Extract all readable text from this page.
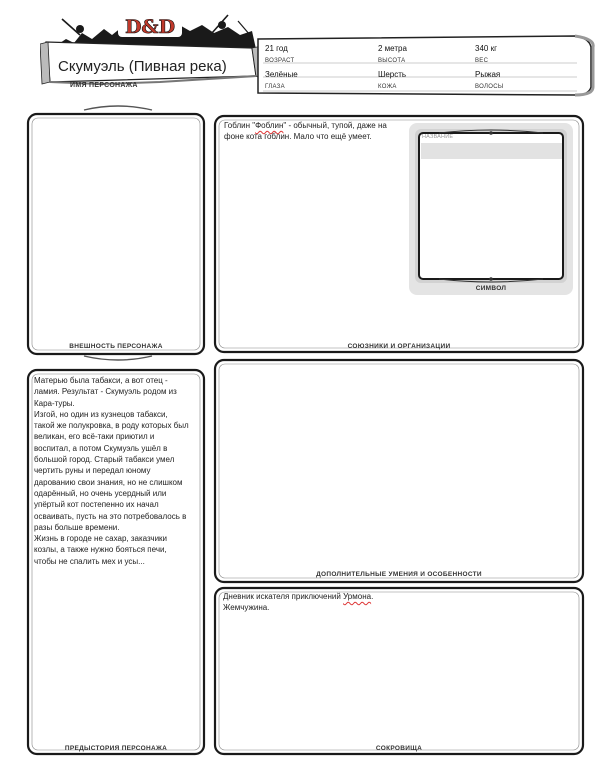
D&D
Скумуэль (Пивная река)
ИМЯ ПЕРСОНАЖА
21 год
ВОЗРАСТ
2 метра
ВЫСОТА
340 кг
ВЕС
Зелёные
ГЛАЗА
Шерсть
КОЖА
Рыжая
ВОЛОСЫ
ВНЕШНОСТЬ ПЕРСОНАЖА
Гоблин "Фоблин" - обычный, тупой, даже на фоне кота гоблин. Мало что ещё умеет.	НАЗВАНИЕ
СИМВОЛ
СОЮЗНИКИ И ОРГАНИЗАЦИИ
Матерью была табакси, а вот отец -
ламия. Результат - Скумуэль родом из
Кара-туры.
Изгой, но один из кузнецов табакси,
такой же полукровка, в роду которых был
великан, его всё-таки приютил и
воспитал, а потом Скумуэль ушёл в
большой город. Старый табакси умел
чертить руны и передал юному
дарованию свои знания, но не слишком
одарённый, но очень усердный или
упёртый кот постепенно их начал
осваивать, пусть на это потребовалось в
разы больше времени.
Жизнь в городе не сахар, заказчики
козлы, а также нужно бояться печи,
чтобы не спалить мех и усы...
ПРЕДЫСТОРИЯ ПЕРСОНАЖА
ДОПОЛНИТЕЛЬНЫЕ УМЕНИЯ И ОСОБЕННОСТИ
Дневник искателя приключений Урмона.
Жемчужина.
СОКРОВИЩА
